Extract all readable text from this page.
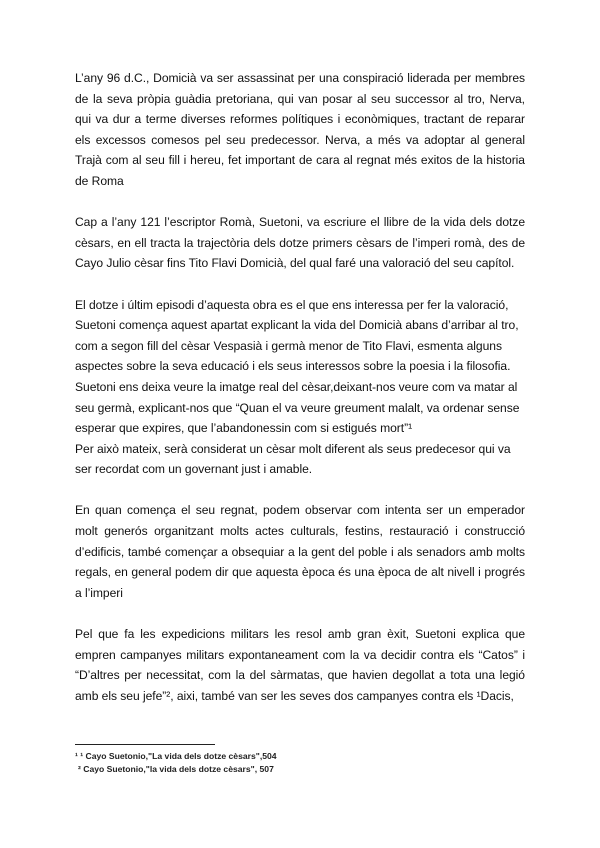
L’any 96 d.C., Domicià va ser assassinat per una conspiració liderada per membres de la seva pròpia guàdia pretoriana, qui van posar al seu successor al tro, Nerva, qui va dur a terme diverses reformes polítiques i econòmiques, tractant de reparar els excessos comesos pel seu predecessor. Nerva, a més va adoptar al general Trajà com al seu fill i hereu, fet important de cara al regnat més exitos de la historia de Roma

Cap a l’any 121 l’escriptor Romà, Suetoni, va escriure el llibre de la vida dels dotze cèsars, en ell tracta la trajectòria dels dotze primers cèsars de l’imperi romà, des de Cayo Julio cèsar fins Tito Flavi Domicià, del qual faré una valoració del seu capítol.

El dotze i últim episodi d’aquesta obra es el que ens interessa per fer la valoració,
Suetoni comença aquest apartat explicant la vida del Domicià abans d’arribar al tro,
com a segon fill del cèsar Vespasià i germà menor de Tito Flavi, esmenta alguns
aspectes sobre la seva educació i els seus interessos sobre la poesia i la filosofia.
Suetoni ens deixa veure la imatge real del cèsar,deixant-nos veure com va matar al
seu germà, explicant-nos que “Quan el va veure greument malalt, va ordenar sense
esperar que expires, que l’abandonessin com si estigués mort”¹
Per això mateix, serà considerat un cèsar molt diferent als seus predecesor qui va
ser recordat com un governant just i amable.

En quan comença el seu regnat, podem observar com intenta ser un emperador molt generós organitzant molts actes culturals, festins, restauració i construcció d’edificis, també començar a obsequiar a la gent del poble i als senadors amb molts regals, en general podem dir que aquesta època és una època de alt nivell i progrés a l’imperi

Pel que fa les expedicions militars les resol amb gran èxit, Suetoni explica que empren campanyes militars expontaneament com la va decidir contra els “Catos” i “D’altres per necessitat, com la del sàrmatas, que havien degollat a tota una legió amb els seu jefe”², aixi, també van ser les seves dos campanyes contra els ¹Dacis,

¹ ¹ Cayo Suetonio,"La vida dels dotze cèsars",504
² Cayo Suetonio,"la vida dels dotze cèsars", 507
